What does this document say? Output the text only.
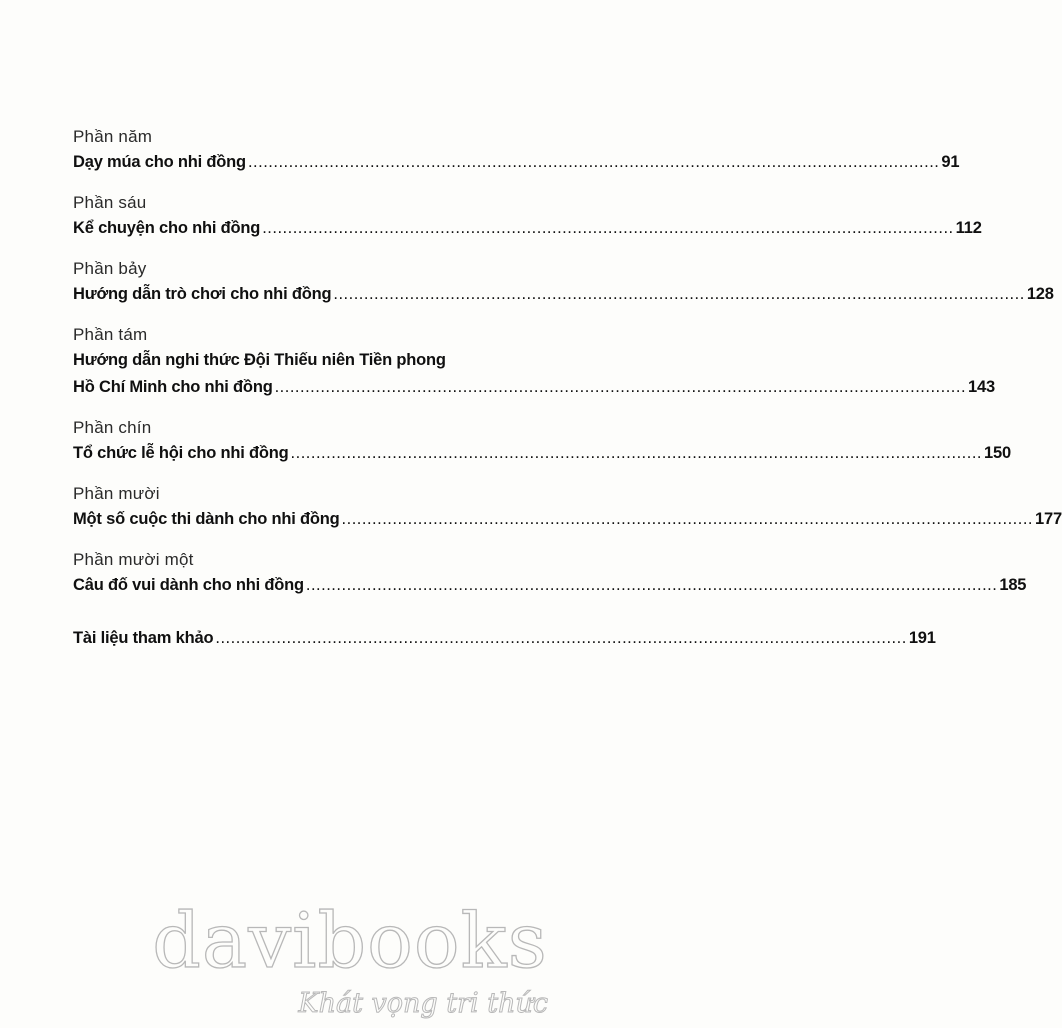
Phần năm
Dạy múa cho nhi đồng ........................................................................................................................................ 91
Phần sáu
Kể chuyện cho nhi đồng ........................................................................................................................................ 112
Phần bảy
Hướng dẫn trò chơi cho nhi đồng ........................................................................................................................................ 128
Phần tám
Hướng dẫn nghi thức Đội Thiếu niên Tiền phong
Hồ Chí Minh cho nhi đồng ........................................................................................................................................ 143
Phần chín
Tổ chức lễ hội cho nhi đồng ........................................................................................................................................ 150
Phần mười
Một số cuộc thi dành cho nhi đồng ........................................................................................................................................ 177
Phần mười một
Câu đố vui dành cho nhi đồng ........................................................................................................................................ 185
Tài liệu tham khảo ........................................................................................................................................ 191
davibooks
Khát vọng tri thức
